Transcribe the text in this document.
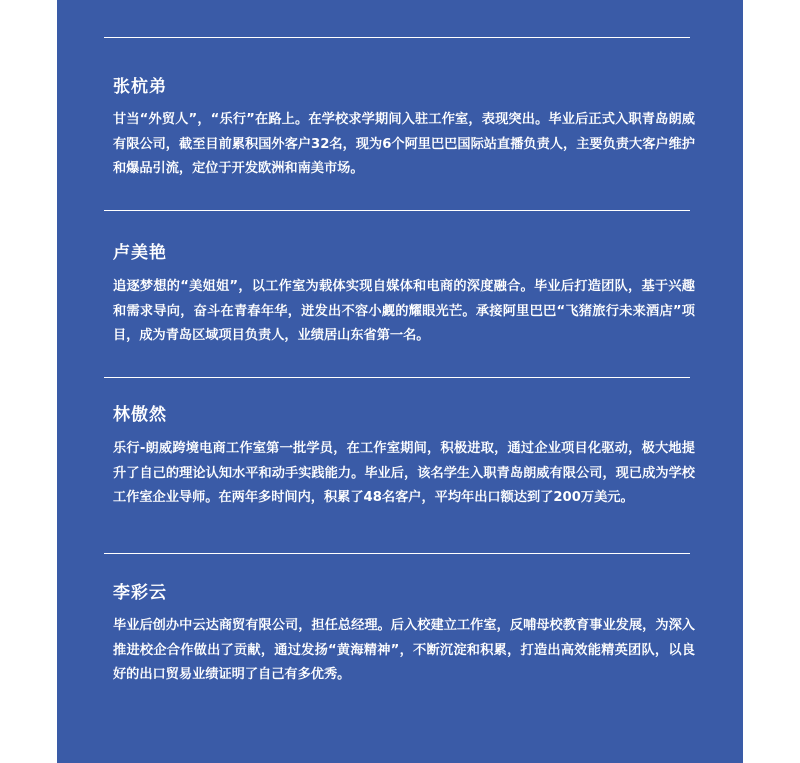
张杭弟

甘当“外贸人”，“乐行”在路上。在学校求学期间入驻工作室，表现突出。毕业后正式入职青岛朗威有限公司，截至目前累积国外客户32名，现为6个阿里巴巴国际站直播负责人，主要负责大客户维护和爆品引流，定位于开发欧洲和南美市场。

卢美艳

追逐梦想的“美姐姐”，以工作室为载体实现自媒体和电商的深度融合。毕业后打造团队，基于兴趣和需求导向，奋斗在青春年华，迸发出不容小觑的耀眼光芒。承接阿里巴巴“飞猪旅行未来酒店”项目，成为青岛区域项目负责人，业绩居山东省第一名。

林傲然

乐行-朗威跨境电商工作室第一批学员，在工作室期间，积极进取，通过企业项目化驱动，极大地提升了自己的理论认知水平和动手实践能力。毕业后，该名学生入职青岛朗威有限公司，现已成为学校工作室企业导师。在两年多时间内，积累了48名客户，平均年出口额达到了200万美元。

李彩云

毕业后创办中云达商贸有限公司，担任总经理。后入校建立工作室，反哺母校教育事业发展，为深入推进校企合作做出了贡献，通过发扬“黄海精神”，不断沉淀和积累，打造出高效能精英团队，以良好的出口贸易业绩证明了自己有多优秀。
